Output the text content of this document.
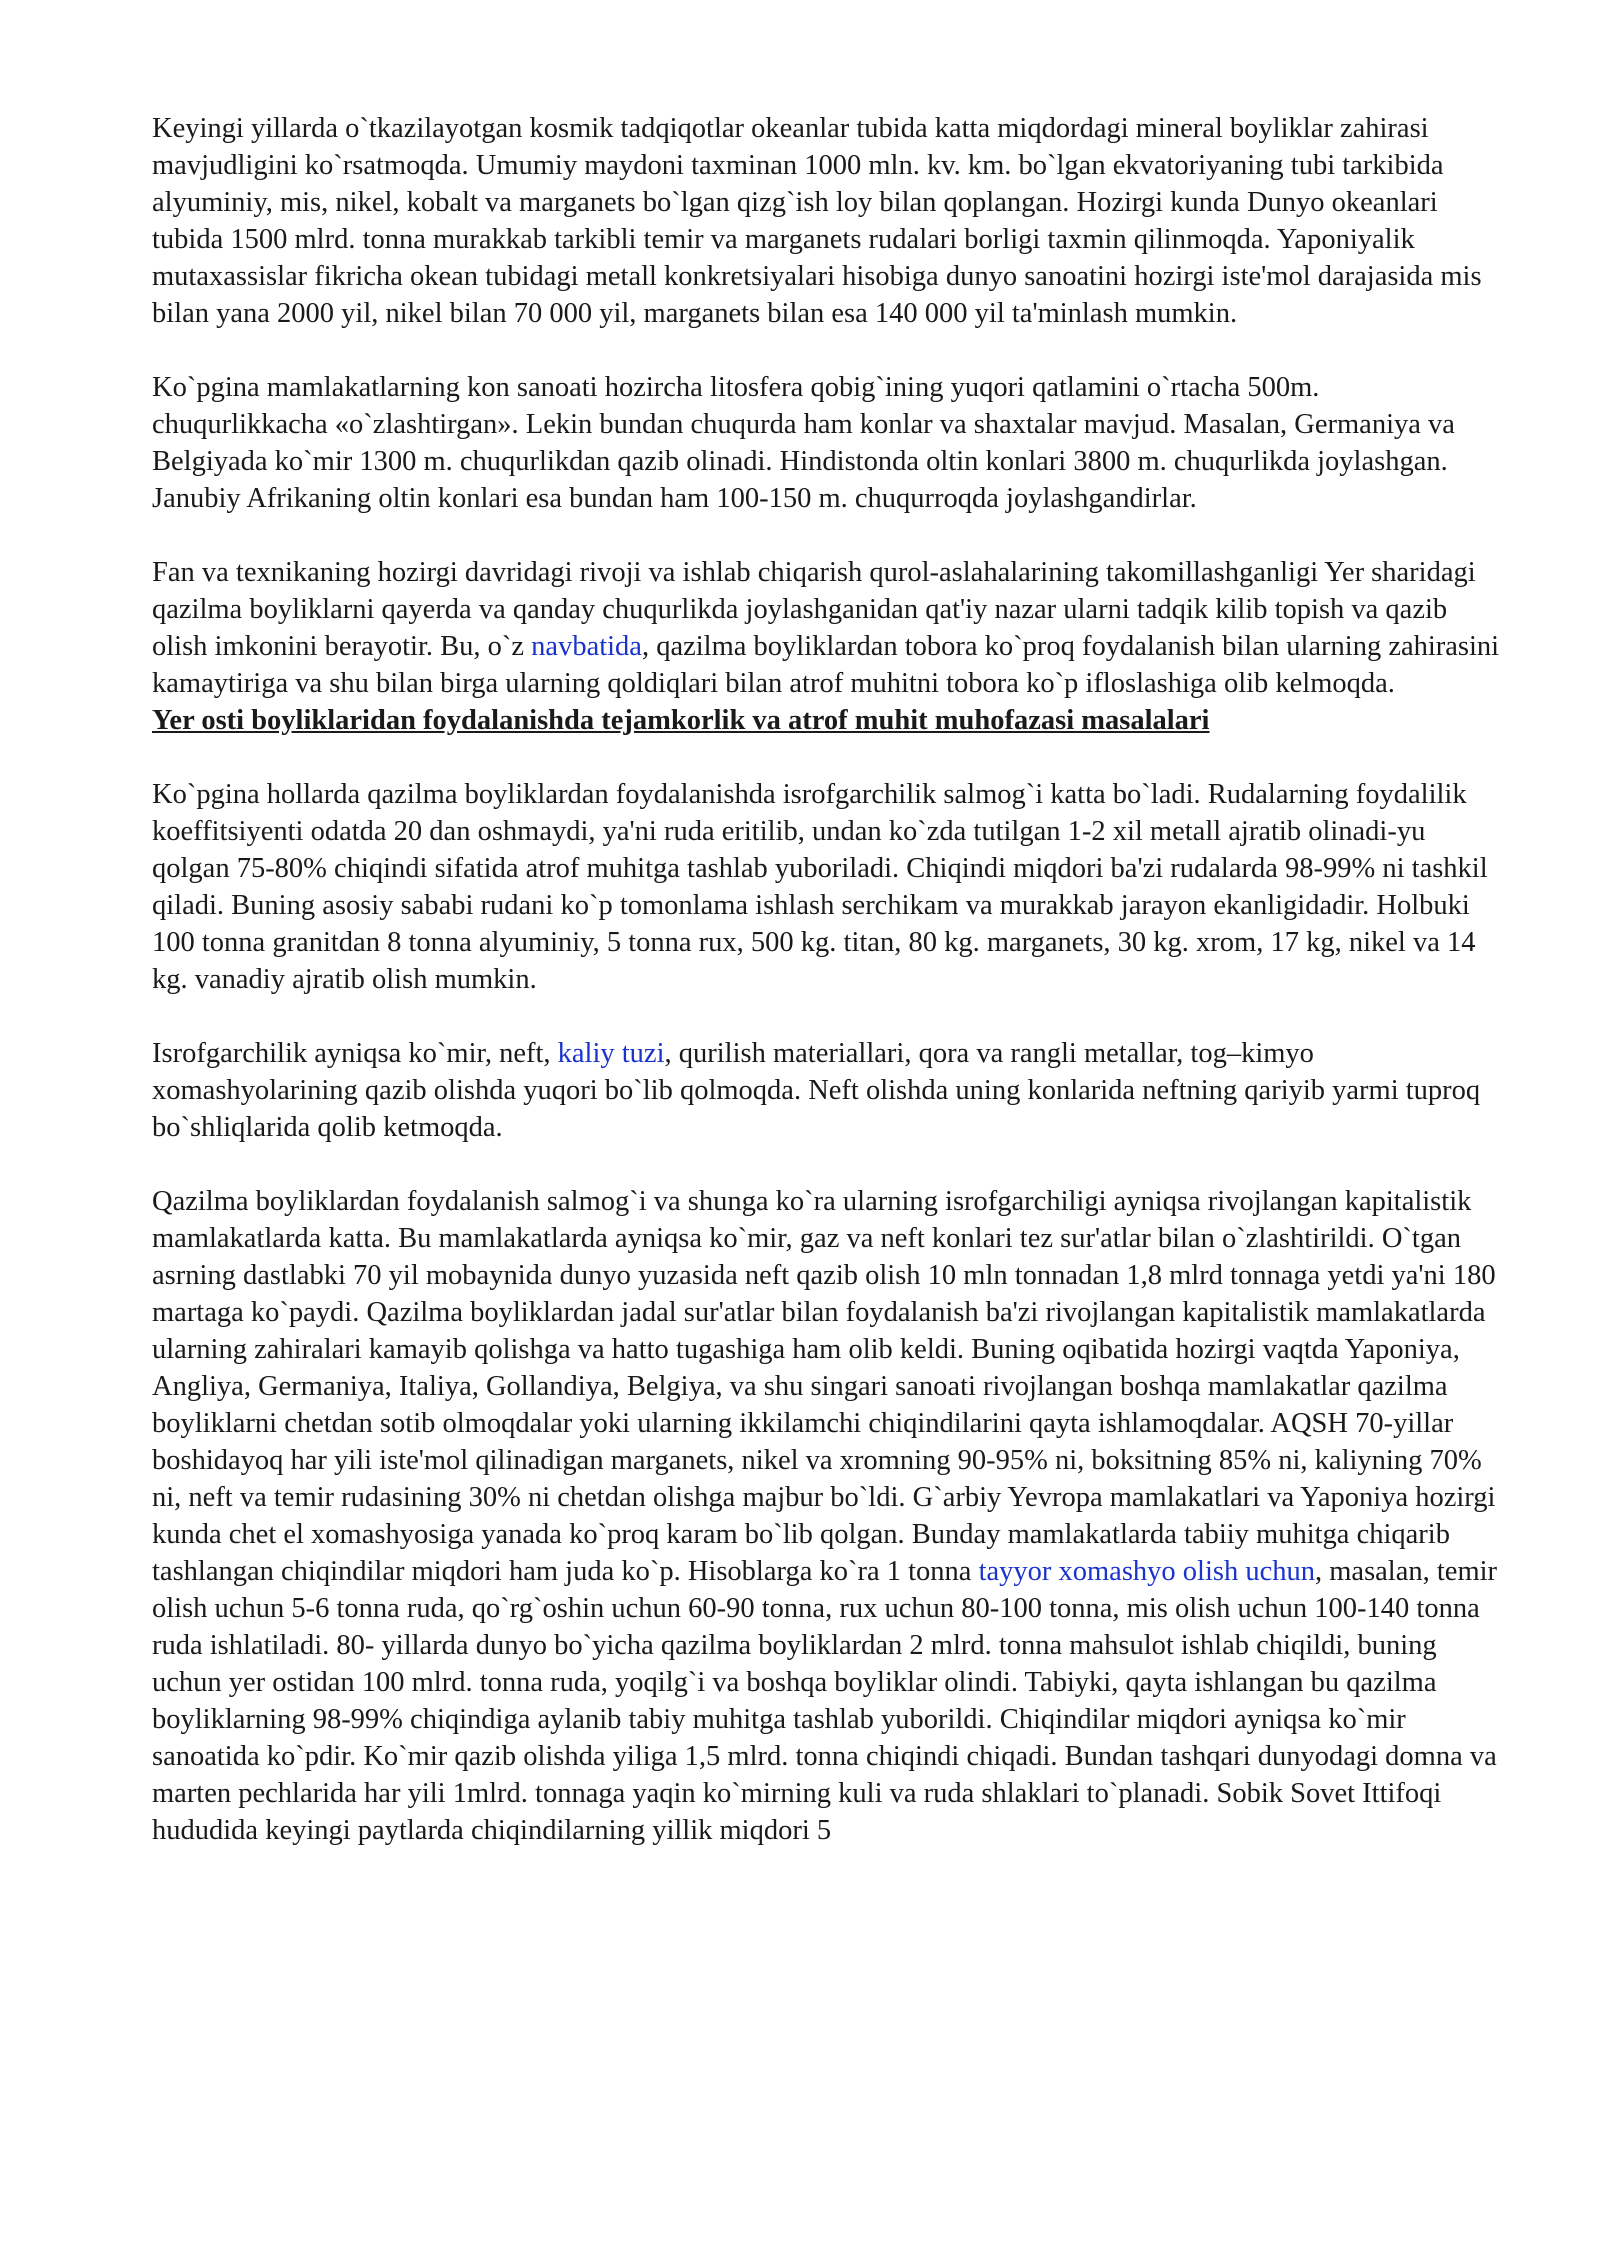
Keyingi yillarda o`tkazilayotgan kosmik tadqiqotlar okeanlar tubida katta miqdordagi mineral boyliklar zahirasi mavjudligini ko`rsatmoqda. Umumiy maydoni taxminan 1000 mln. kv. km. bo`lgan ekvatoriyaning tubi tarkibida alyuminiy, mis, nikel, kobalt va marganets bo`lgan qizg`ish loy bilan qoplangan. Hozirgi kunda Dunyo okeanlari tubida 1500 mlrd. tonna murakkab tarkibli temir va marganets rudalari borligi taxmin qilinmoqda. Yaponiyalik mutaxassislar fikricha okean tubidagi metall konkretsiyalari hisobiga dunyo sanoatini hozirgi iste'mol darajasida mis bilan yana 2000 yil, nikel bilan 70 000 yil, marganets bilan esa 140 000 yil ta'minlash mumkin.

Ko`pgina mamlakatlarning kon sanoati hozircha litosfera qobig`ining yuqori qatlamini o`rtacha 500m. chuqurlikkacha «o`zlashtirgan». Lekin bundan chuqurda ham konlar va shaxtalar mavjud. Masalan, Germaniya va Belgiyada ko`mir 1300 m. chuqurlikdan qazib olinadi. Hindistonda oltin konlari 3800 m. chuqurlikda joylashgan. Janubiy Afrikaning oltin konlari esa bundan ham 100-150 m. chuqurroqda joylashgandirlar.

Fan va texnikaning hozirgi davridagi rivoji va ishlab chiqarish qurol-aslahalarining takomillashganligi Yer sharidagi qazilma boyliklarni qayerda va qanday chuqurlikda joylashganidan qat'iy nazar ularni tadqik kilib topish va qazib olish imkonini berayotir. Bu, o`z navbatida, qazilma boyliklardan tobora ko`proq foydalanish bilan ularning zahirasini kamaytiriga va shu bilan birga ularning qoldiqlari bilan atrof muhitni tobora ko`p ifloslashiga olib kelmoqda.

Yer osti boyliklaridan foydalanishda tejamkorlik va atrof muhit muhofazasi masalalari

Ko`pgina hollarda qazilma boyliklardan foydalanishda isrofgarchilik salmog`i katta bo`ladi. Rudalarning foydalilik koeffitsiyenti odatda 20 dan oshmaydi, ya'ni ruda eritilib, undan ko`zda tutilgan 1-2 xil metall ajratib olinadi-yu qolgan 75-80% chiqindi sifatida atrof muhitga tashlab yuboriladi. Chiqindi miqdori ba'zi rudalarda 98-99% ni tashkil qiladi. Buning asosiy sababi rudani ko`p tomonlama ishlash serchikam va murakkab jarayon ekanligidadir. Holbuki 100 tonna granitdan 8 tonna alyuminiy, 5 tonna rux, 500 kg. titan, 80 kg. marganets, 30 kg. xrom, 17 kg, nikel va 14 kg. vanadiy ajratib olish mumkin.

Isrofgarchilik ayniqsa ko`mir, neft, kaliy tuzi, qurilish materiallari, qora va rangli metallar, tog–kimyo xomashyolarining qazib olishda yuqori bo`lib qolmoqda. Neft olishda uning konlarida neftning qariyib yarmi tuproq bo`shliqlarida qolib ketmoqda.

Qazilma boyliklardan foydalanish salmog`i va shunga ko`ra ularning isrofgarchiligi ayniqsa rivojlangan kapitalistik mamlakatlarda katta. Bu mamlakatlarda ayniqsa ko`mir, gaz va neft konlari tez sur'atlar bilan o`zlashtirildi. O`tgan asrning dastlabki 70 yil mobaynida dunyo yuzasida neft qazib olish 10 mln tonnadan 1,8 mlrd tonnaga yetdi ya'ni 180 martaga ko`paydi. Qazilma boyliklardan jadal sur'atlar bilan foydalanish ba'zi rivojlangan kapitalistik mamlakatlarda ularning zahiralari kamayib qolishga va hatto tugashiga ham olib keldi. Buning oqibatida hozirgi vaqtda Yaponiya, Angliya, Germaniya, Italiya, Gollandiya, Belgiya, va shu singari sanoati rivojlangan boshqa mamlakatlar qazilma boyliklarni chetdan sotib olmoqdalar yoki ularning ikkilamchi chiqindilarini qayta ishlamoqdalar. AQSH 70-yillar boshidayoq har yili iste'mol qilinadigan marganets, nikel va xromning 90-95% ni, boksitning 85% ni, kaliyning 70% ni, neft va temir rudasining 30% ni chetdan olishga majbur bo`ldi. G`arbiy Yevropa mamlakatlari va Yaponiya hozirgi kunda chet el xomashyosiga yanada ko`proq karam bo`lib qolgan. Bunday mamlakatlarda tabiiy muhitga chiqarib tashlangan chiqindilar miqdori ham juda ko`p. Hisoblarga ko`ra 1 tonna tayyor xomashyo olish uchun, masalan, temir olish uchun 5-6 tonna ruda, qo`rg`oshin uchun 60-90 tonna, rux uchun 80-100 tonna, mis olish uchun 100-140 tonna ruda ishlatiladi. 80- yillarda dunyo bo`yicha qazilma boyliklardan 2 mlrd. tonna mahsulot ishlab chiqildi, buning uchun yer ostidan 100 mlrd. tonna ruda, yoqilg`i va boshqa boyliklar olindi. Tabiyki, qayta ishlangan bu qazilma boyliklarning 98-99% chiqindiga aylanib tabiy muhitga tashlab yuborildi. Chiqindilar miqdori ayniqsa ko`mir sanoatida ko`pdir. Ko`mir qazib olishda yiliga 1,5 mlrd. tonna chiqindi chiqadi. Bundan tashqari dunyodagi domna va marten pechlarida har yili 1mlrd. tonnaga yaqin ko`mirning kuli va ruda shlaklari to`planadi. Sobik Sovet Ittifoqi hududida keyingi paytlarda chiqindilarning yillik miqdori 5
